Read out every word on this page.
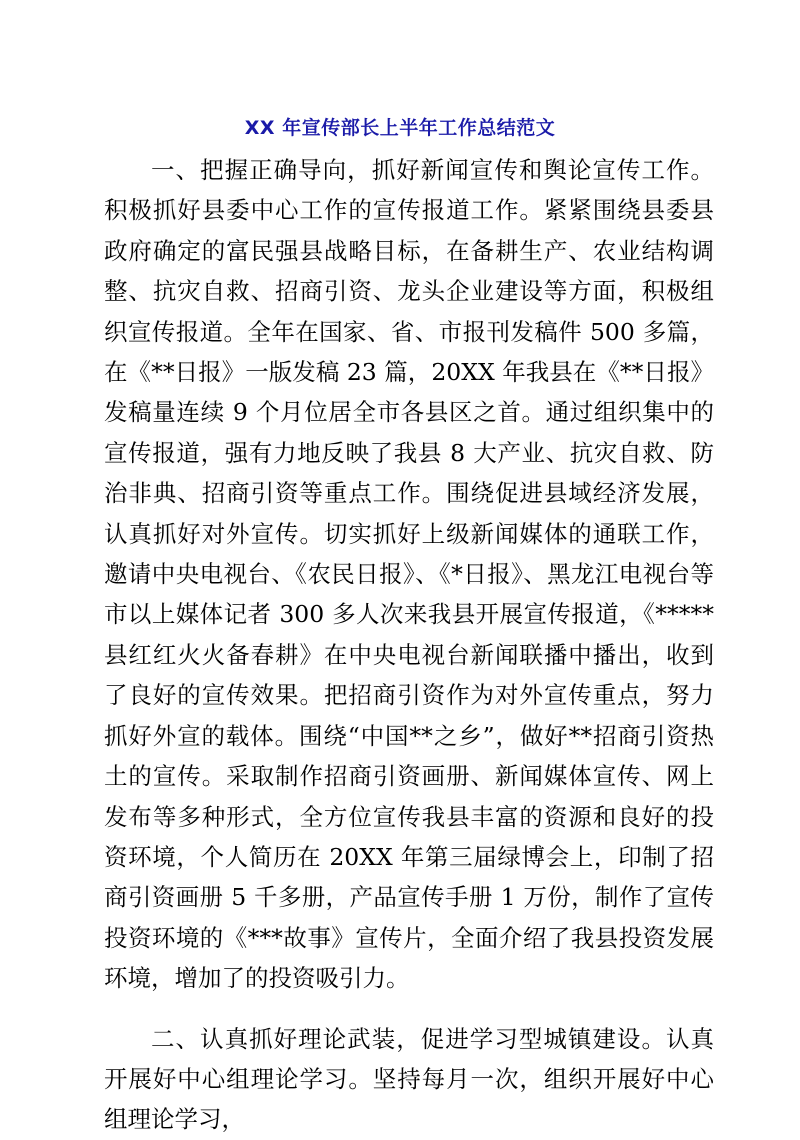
XX 年宣传部长上半年工作总结范文

一、把握正确导向，抓好新闻宣传和舆论宣传工作。积极抓好县委中心工作的宣传报道工作。紧紧围绕县委县政府确定的富民强县战略目标，在备耕生产、农业结构调整、抗灾自救、招商引资、龙头企业建设等方面，积极组织宣传报道。全年在国家、省、市报刊发稿件 500 多篇，在《**日报》一版发稿 23 篇，20XX 年我县在《**日报》发稿量连续 9 个月位居全市各县区之首。通过组织集中的宣传报道，强有力地反映了我县 8 大产业、抗灾自救、防治非典、招商引资等重点工作。围绕促进县域经济发展，认真抓好对外宣传。切实抓好上级新闻媒体的通联工作，邀请中央电视台、《农民日报》、《*日报》、黑龙江电视台等市以上媒体记者 300 多人次来我县开展宣传报道，《*****县红红火火备春耕》在中央电视台新闻联播中播出，收到了良好的宣传效果。把招商引资作为对外宣传重点，努力抓好外宣的载体。围绕“中国**之乡”，做好**招商引资热土的宣传。采取制作招商引资画册、新闻媒体宣传、网上发布等多种形式，全方位宣传我县丰富的资源和良好的投资环境，个人简历在 20XX 年第三届绿博会上，印制了招商引资画册 5 千多册，产品宣传手册 1 万份，制作了宣传投资环境的《***故事》宣传片，全面介绍了我县投资发展环境，增加了的投资吸引力。

二、认真抓好理论武装，促进学习型城镇建设。认真开展好中心组理论学习。坚持每月一次，组织开展好中心组理论学习，
